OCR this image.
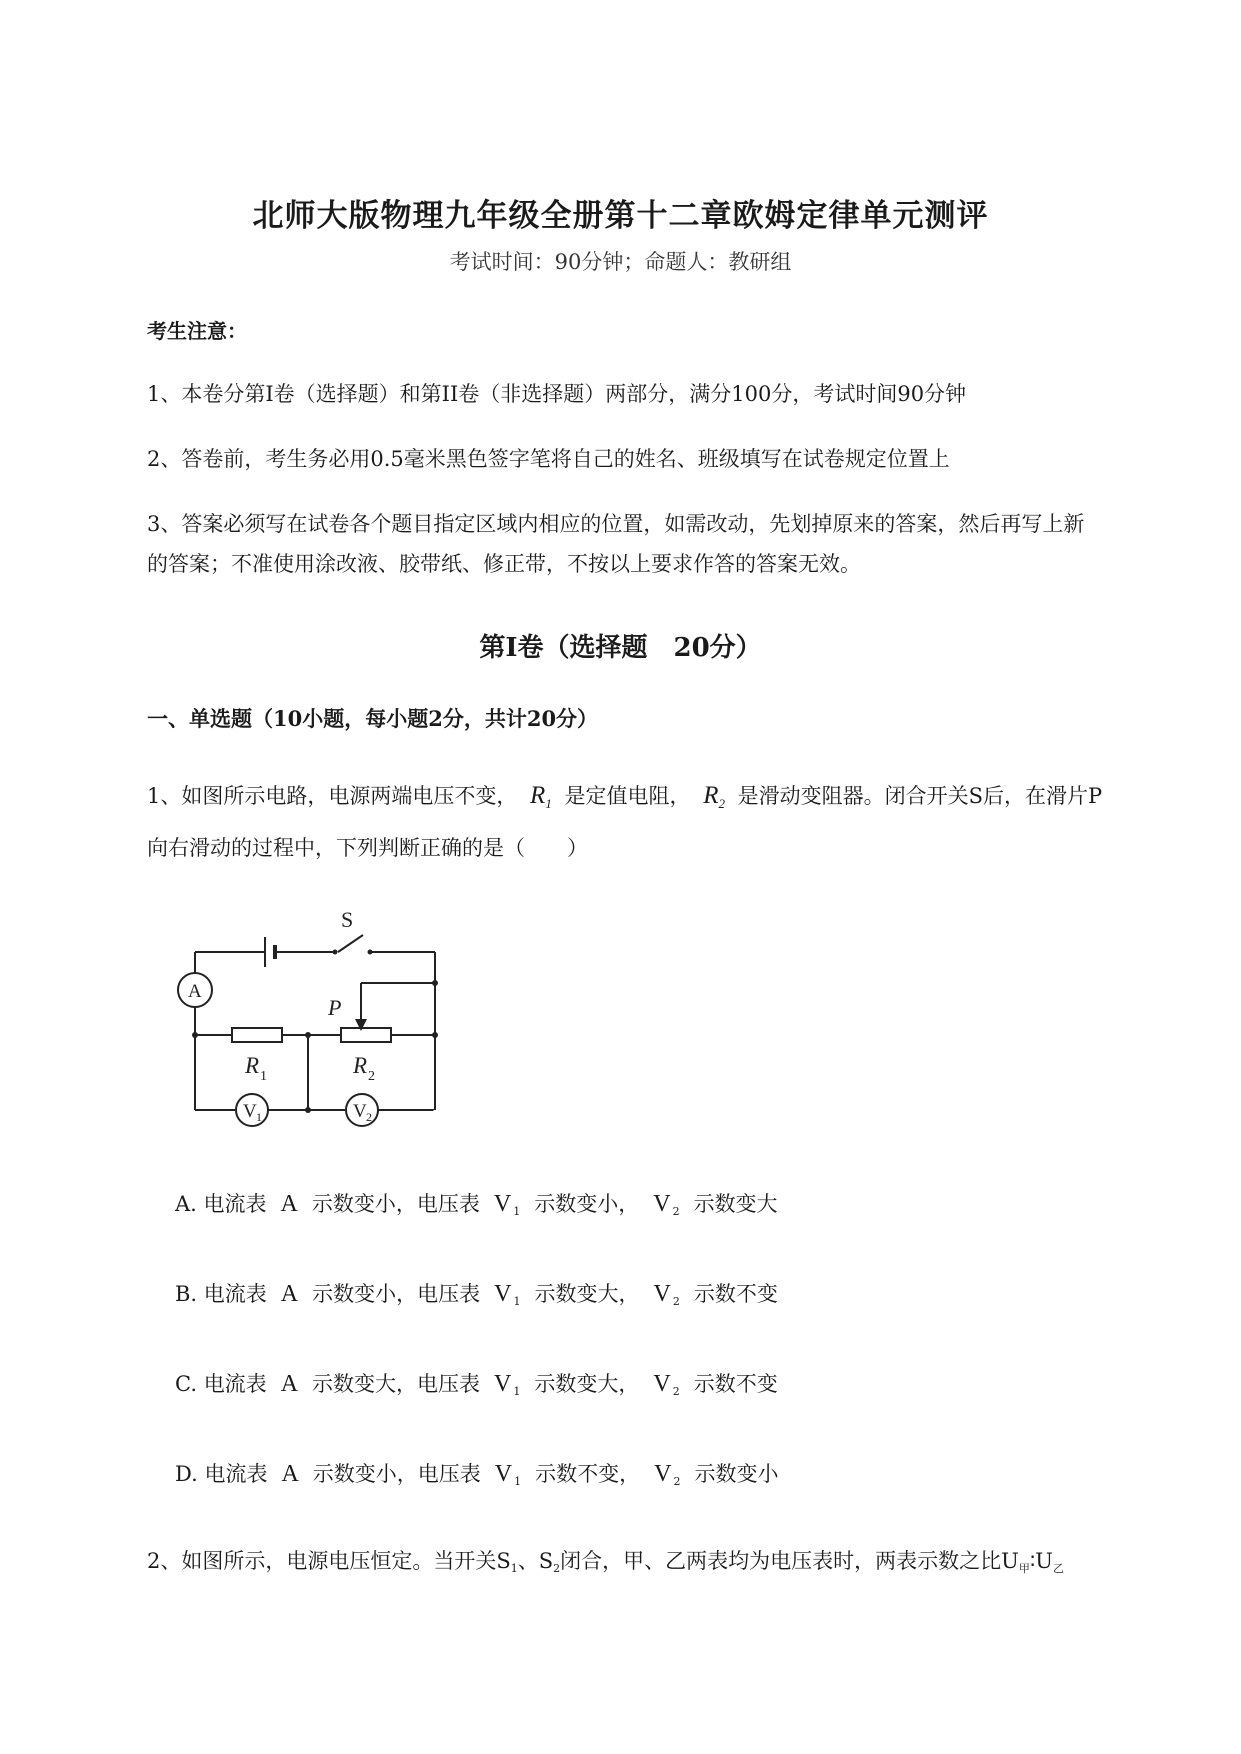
北师大版物理九年级全册第十二章欧姆定律单元测评
考试时间：90分钟；命题人：教研组
考生注意：
1、本卷分第I卷（选择题）和第II卷（非选择题）两部分，满分100分，考试时间90分钟
2、答卷前，考生务必用0.5毫米黑色签字笔将自己的姓名、班级填写在试卷规定位置上
3、答案必须写在试卷各个题目指定区域内相应的位置，如需改动，先划掉原来的答案，然后再写上新
的答案；不准使用涂改液、胶带纸、修正带，不按以上要求作答的答案无效。
第I卷（选择题　20分）
一、单选题（10小题，每小题2分，共计20分）
1、如图所示电路，电源两端电压不变， $R_1$ 是定值电阻， $R_2$ 是滑动变阻器。闭合开关S后，在滑片P
向右滑动的过程中，下列判断正确的是（　　）
S
P
A
R 1	R 2
V 1	V 2
A. 电流表 A 示数变小，电压表 V 1 示数变小， V 2 示数变大
B. 电流表 A 示数变小，电压表 V 1 示数变大， V 2 示数不变
C. 电流表 A 示数变大，电压表 V 1 示数变大， V 2 示数不变
D. 电流表 A 示数变小，电压表 V 1 示数不变， V 2 示数变小
2、如图所示，电源电压恒定。当开关S1、S2闭合，甲、乙两表均为电压表时，两表示数之比U甲∶U乙
